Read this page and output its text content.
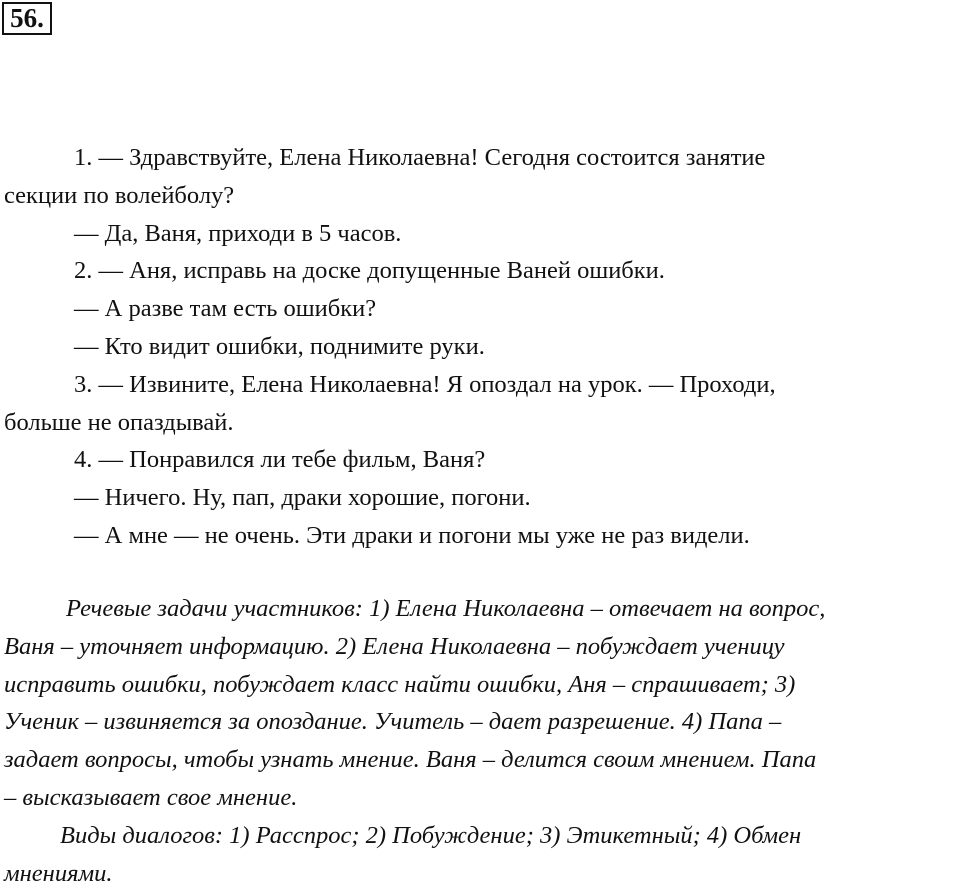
56.

1. — Здравствуйте, Елена Николаевна! Сегодня состоится занятие

секции по волейболу?

— Да, Ваня, приходи в 5 часов.

2. — Аня, исправь на доске допущенные Ваней ошибки.

— А разве там есть ошибки?

— Кто видит ошибки, поднимите руки.

3. — Извините, Елена Николаевна! Я опоздал на урок. — Проходи,

больше не опаздывай.

4. — Понравился ли тебе фильм, Ваня?

— Ничего. Ну, пап, драки хорошие, погони.

— А мне — не очень. Эти драки и погони мы уже не раз видели.

Речевые задачи участников: 1) Елена Николаевна – отвечает на вопрос,

Ваня – уточняет информацию. 2) Елена Николаевна – побуждает ученицу

исправить ошибки, побуждает класс найти ошибки, Аня – спрашивает; 3)

Ученик – извиняется за опоздание. Учитель – дает разрешение. 4) Папа –

задает вопросы, чтобы узнать мнение. Ваня – делится своим мнением. Папа

– высказывает свое мнение.

Виды диалогов: 1) Расспрос; 2) Побуждение; 3) Этикетный; 4) Обмен

мнениями.
